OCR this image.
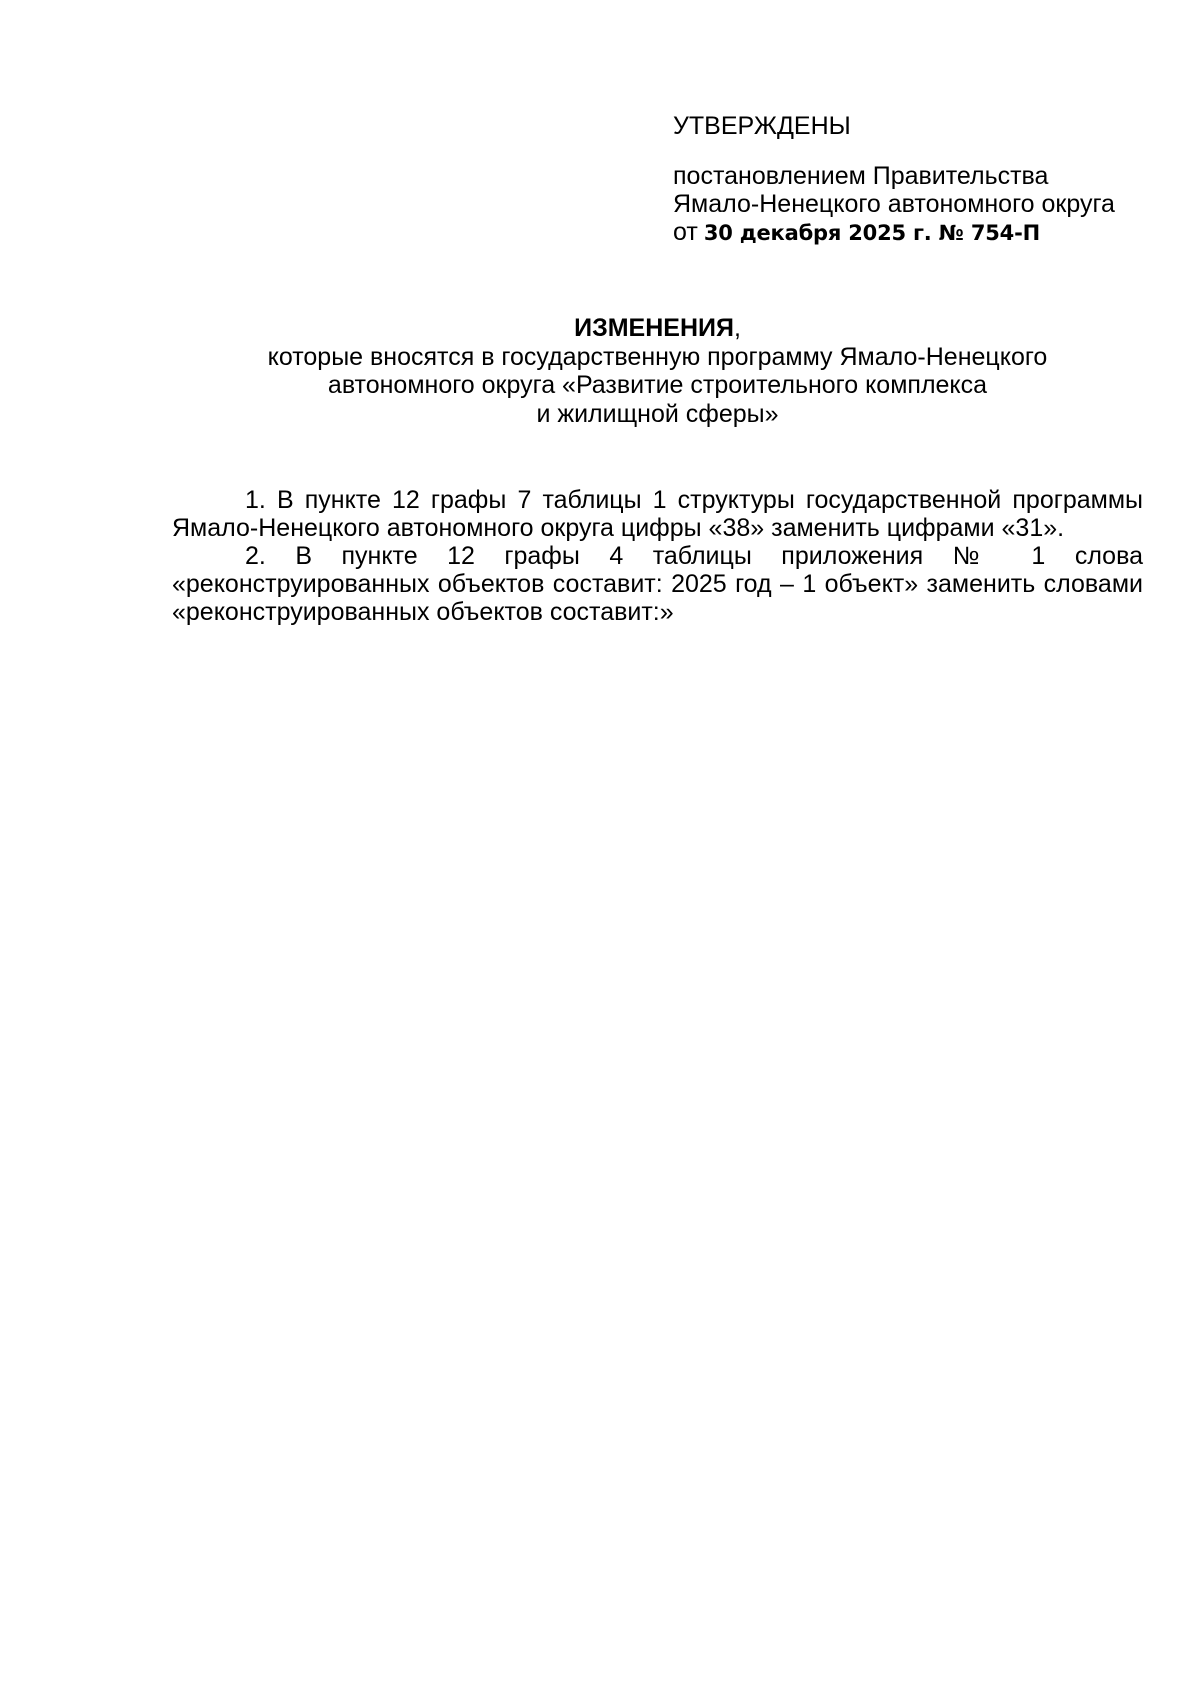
УТВЕРЖДЕНЫ
постановлением Правительства
Ямало-Ненецкого автономного округа
от 30 декабря 2025 г. № 754-П
ИЗМЕНЕНИЯ,
которые вносятся в государственную программу Ямало-Ненецкого
автономного округа «Развитие строительного комплекса
и жилищной сферы»

1. В пункте 12 графы 7 таблицы 1 структуры государственной программы Ямало-Ненецкого автономного округа цифры «38» заменить цифрами «31».

2. В пункте 12 графы 4 таблицы приложения № 1 слова «реконструированных объектов составит: 2025 год – 1 объект» заменить словами «реконструированных объектов составит:»
